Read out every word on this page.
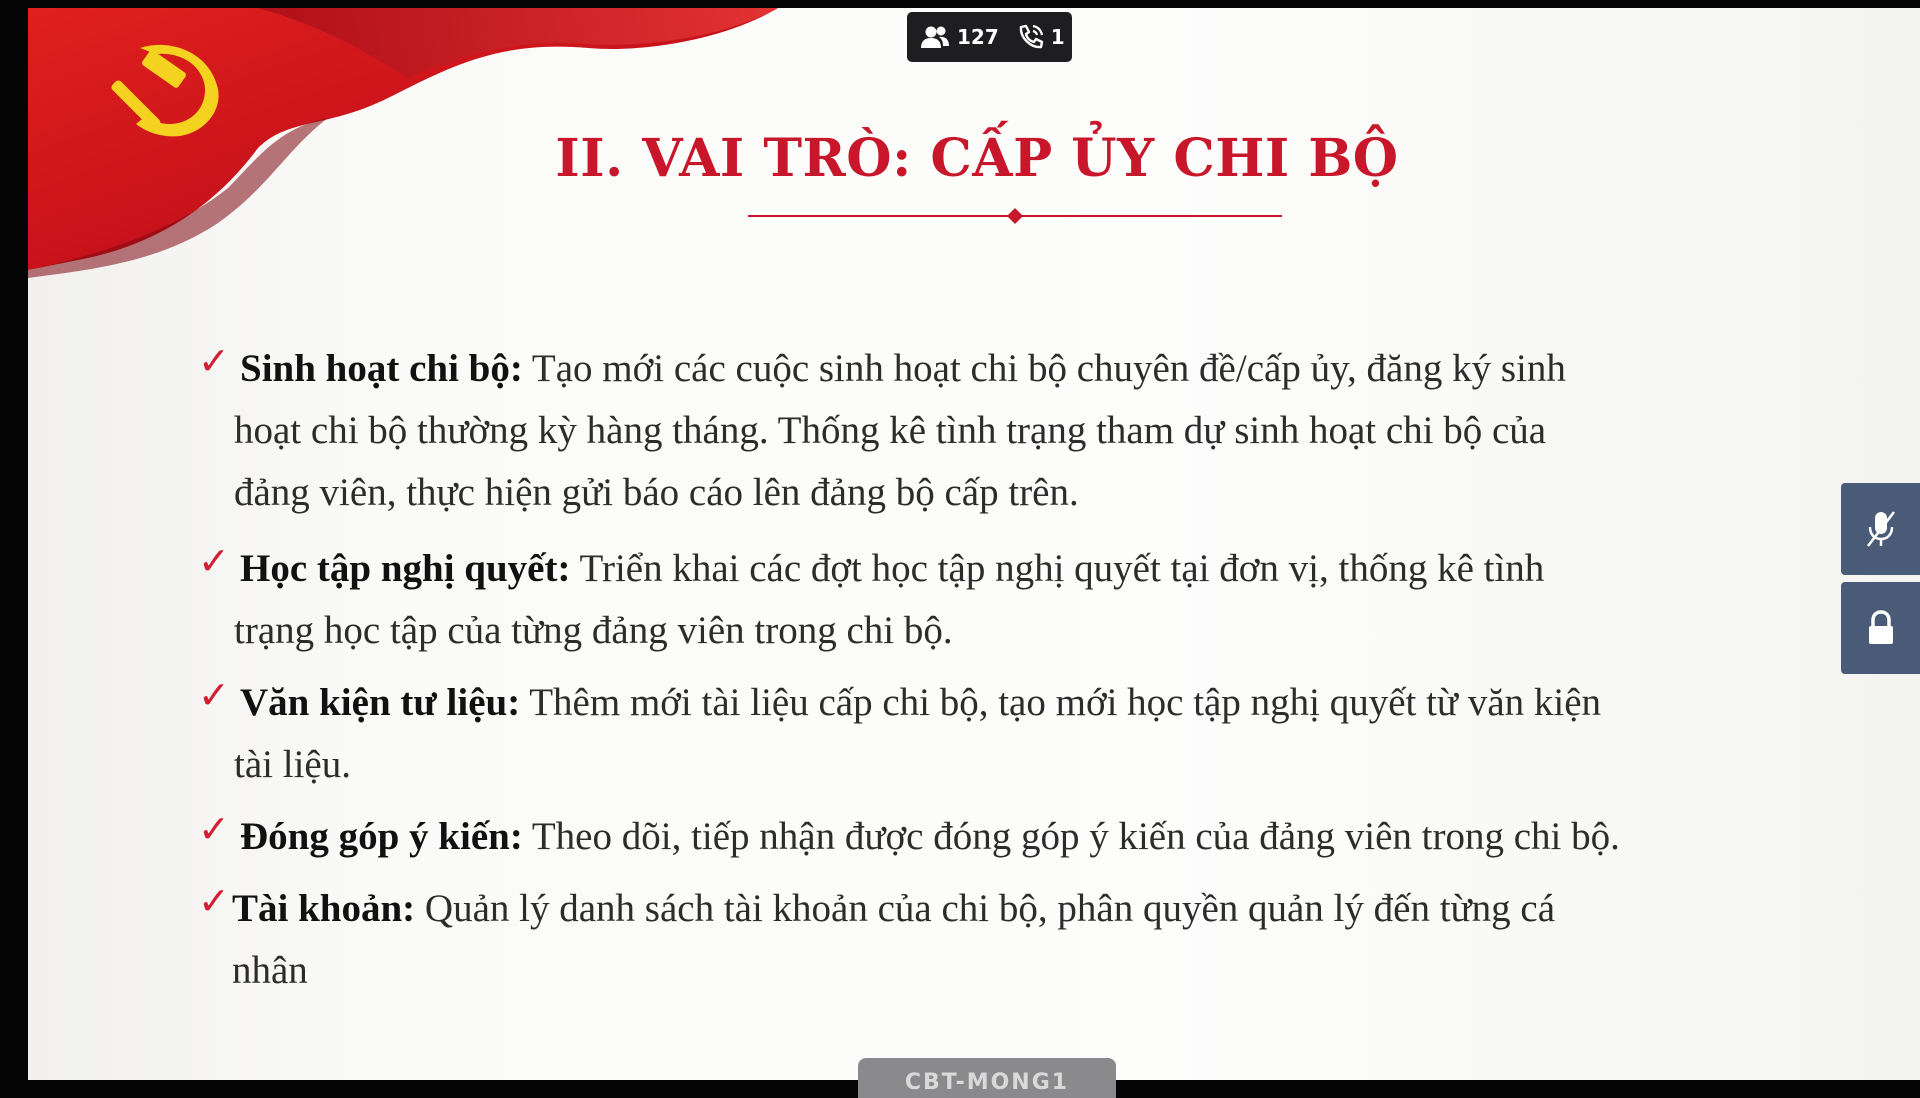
II. VAI TRÒ: CẤP ỦY CHI BỘ
✓ Sinh hoạt chi bộ: Tạo mới các cuộc sinh hoạt chi bộ chuyên đề/cấp ủy, đăng ký sinh
hoạt chi bộ thường kỳ hàng tháng. Thống kê tình trạng tham dự sinh hoạt chi bộ của
đảng viên, thực hiện gửi báo cáo lên đảng bộ cấp trên.
✓ Học tập nghị quyết: Triển khai các đợt học tập nghị quyết tại đơn vị, thống kê tình
trạng học tập của từng đảng viên trong chi bộ.
✓ Văn kiện tư liệu: Thêm mới tài liệu cấp chi bộ, tạo mới học tập nghị quyết từ văn kiện
tài liệu.
✓ Đóng góp ý kiến: Theo dõi, tiếp nhận được đóng góp ý kiến của đảng viên trong chi bộ.
✓ Tài khoản: Quản lý danh sách tài khoản của chi bộ, phân quyền quản lý đến từng cá
nhân
127	1
CBT-MONG1
